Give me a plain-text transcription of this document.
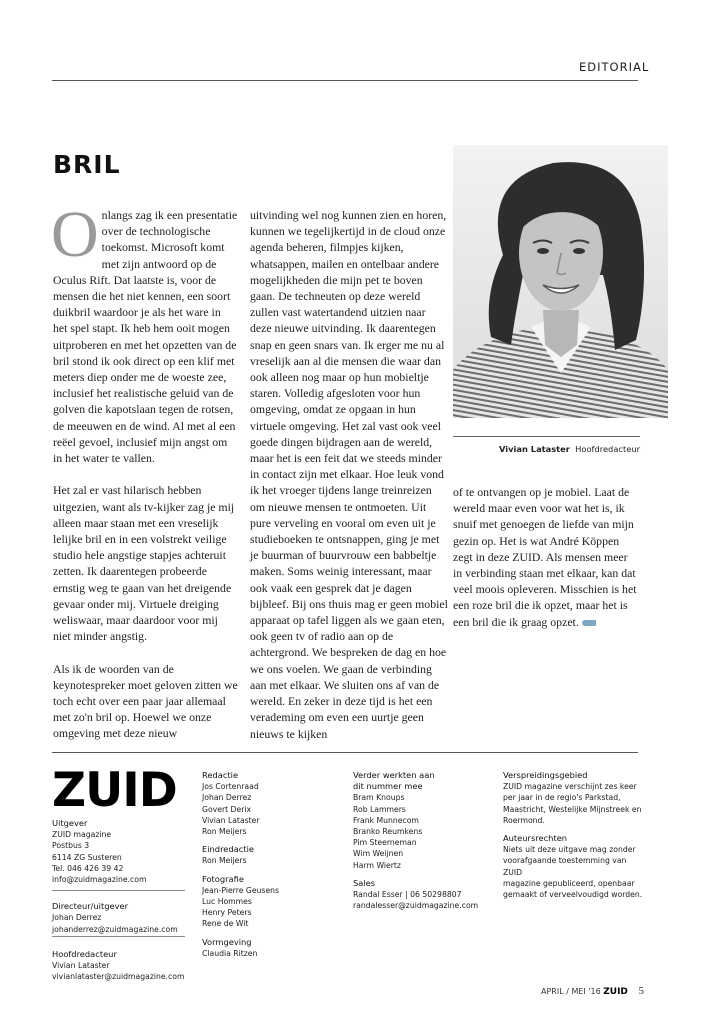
EDITORIAL
BRIL

Onlangs zag ik een presentatie over de technologische toekomst. Microsoft komt met zijn antwoord op de Oculus Rift. Dat laatste is, voor de mensen die het niet kennen, een soort duikbril waardoor je als het ware in het spel stapt. Ik heb hem ooit mogen uitproberen en met het opzetten van de bril stond ik ook direct op een klif met meters diep onder me de woeste zee, inclusief het realistische geluid van de golven die kapotslaan tegen de rotsen, de meeuwen en de wind. Al met al een reëel gevoel, inclusief mijn angst om in het water te vallen.

Het zal er vast hilarisch hebben uitgezien, want als tv-kijker zag je mij alleen maar staan met een vreselijk lelijke bril en in een volstrekt veilige studio hele angstige stapjes achteruit zetten. Ik daarentegen probeerde ernstig weg te gaan van het dreigende gevaar onder mij. Virtuele dreiging weliswaar, maar daardoor voor mij niet minder angstig.

Als ik de woorden van de keynotespreker moet geloven zitten we toch echt over een paar jaar allemaal met zo'n bril op. Hoewel we onze omgeving met deze nieuw

uitvinding wel nog kunnen zien en horen, kunnen we tegelijkertijd in de cloud onze agenda beheren, filmpjes kijken, whatsappen, mailen en ontelbaar andere mogelijkheden die mijn pet te boven gaan. De techneuten op deze wereld zullen vast watertandend uitzien naar deze nieuwe uitvinding. Ik daarentegen snap en geen snars van. Ik erger me nu al vreselijk aan al die mensen die waar dan ook alleen nog maar op hun mobieltje staren. Volledig afgesloten voor hun omgeving, omdat ze opgaan in hun virtuele omgeving. Het zal vast ook veel goede dingen bijdragen aan de wereld, maar het is een feit dat we steeds minder in contact zijn met elkaar. Hoe leuk vond ik het vroeger tijdens lange treinreizen om nieuwe mensen te ontmoeten. Uit pure verveling en vooral om even uit je studieboeken te ontsnappen, ging je met je buurman of buurvrouw een babbeltje maken. Soms weinig interessant, maar ook vaak een gesprek dat je dagen bijbleef. Bij ons thuis mag er geen mobiel apparaat op tafel liggen als we gaan eten, ook geen tv of radio aan op de achtergrond. We bespreken de dag en hoe we ons voelen. We gaan de verbinding aan met elkaar. We sluiten ons af van de wereld. En zeker in deze tijd is het een verademing om even een uurtje geen nieuws te kijken

of te ontvangen op je mobiel. Laat de wereld maar even voor wat het is, ik snuif met genoegen de liefde van mijn gezin op. Het is wat André Köppen zegt in deze ZUID. Als mensen meer in verbinding staan met elkaar, kan dat veel moois opleveren. Misschien is het een roze bril die ik opzet, maar het is een bril die ik graag opzet.

Vivian Lataster Hoofdredacteur
ZUID
Uitgever
ZUID magazine
Postbus 3
6114 ZG Susteren
Tel. 046 426 39 42
info@zuidmagazine.com
Directeur/uitgever
Johan Derrez
johanderrez@zuidmagazine.com
Hoofdredacteur
Vivian Lataster
vivianlataster@zuidmagazine.com
Redactie
Jos Cortenraad
Johan Derrez
Govert Derix
Vivian Lataster
Ron Meijers
Eindredactie
Ron Meijers
Fotografie
Jean-Pierre Geusens
Luc Hommes
Henry Peters
Rene de Wit
Vormgeving
Claudia Ritzen
Verder werkten aan
dit nummer mee
Bram Knoups
Rob Lammers
Frank Munnecom
Branko Reumkens
Pim Steerneman
Wim Weijnen
Harm Wiertz
Sales
Randal Esser | 06 50298807
randalesser@zuidmagazine.com
Verspreidingsgebied
ZUID magazine verschijnt zes keer
per jaar in de regio's Parkstad,
Maastricht, Westelijke Mijnstreek en
Roermond.
Auteursrechten
Niets uit deze uitgave mag zonder
voorafgaande toestemming van ZUID
magazine gepubliceerd, openbaar
gemaakt of verveelvoudigd worden.
APRIL / MEI '16 ZUID 5
